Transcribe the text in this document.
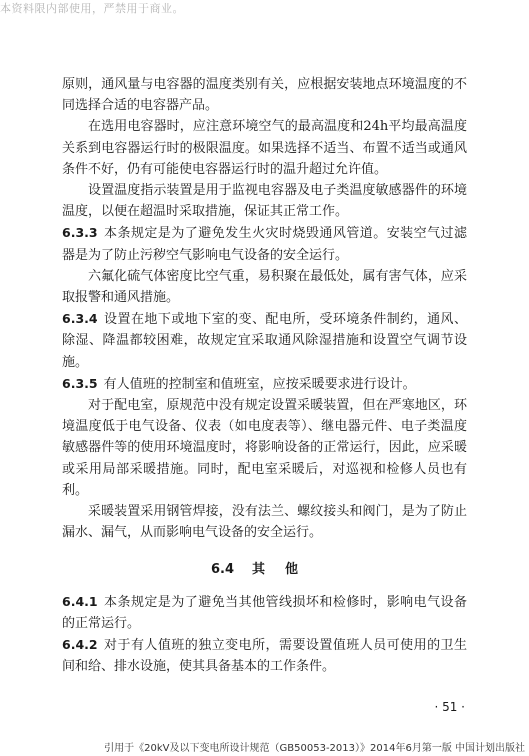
本资料限内部使用，严禁用于商业。

原则，通风量与电容器的温度类别有关，应根据安装地点环境温度的不同选择合适的电容器产品。

在选用电容器时，应注意环境空气的最高温度和24h平均最高温度关系到电容器运行时的极限温度。如果选择不适当、布置不适当或通风条件不好，仍有可能使电容器运行时的温升超过允许值。

设置温度指示装置是用于监视电容器及电子类温度敏感器件的环境温度，以便在超温时采取措施，保证其正常工作。

6.3.3 本条规定是为了避免发生火灾时烧毁通风管道。安装空气过滤器是为了防止污秽空气影响电气设备的安全运行。

六氟化硫气体密度比空气重，易积聚在最低处，属有害气体，应采取报警和通风措施。

6.3.4 设置在地下或地下室的变、配电所，受环境条件制约，通风、除湿、降温都较困难，故规定宜采取通风除湿措施和设置空气调节设施。

6.3.5 有人值班的控制室和值班室，应按采暖要求进行设计。

对于配电室，原规范中没有规定设置采暖装置，但在严寒地区，环境温度低于电气设备、仪表（如电度表等）、继电器元件、电子类温度敏感器件等的使用环境温度时，将影响设备的正常运行，因此，应采暖或采用局部采暖措施。同时，配电室采暖后，对巡视和检修人员也有利。

采暖装置采用钢管焊接，没有法兰、螺纹接头和阀门，是为了防止漏水、漏气，从而影响电气设备的安全运行。

6.4 其他

6.4.1 本条规定是为了避免当其他管线损坏和检修时，影响电气设备的正常运行。

6.4.2 对于有人值班的独立变电所，需要设置值班人员可使用的卫生间和给、排水设施，使其具备基本的工作条件。

· 51 ·
引用于《20kV及以下变电所设计规范（GB50053-2013）》2014年6月第一版 中国计划出版社
